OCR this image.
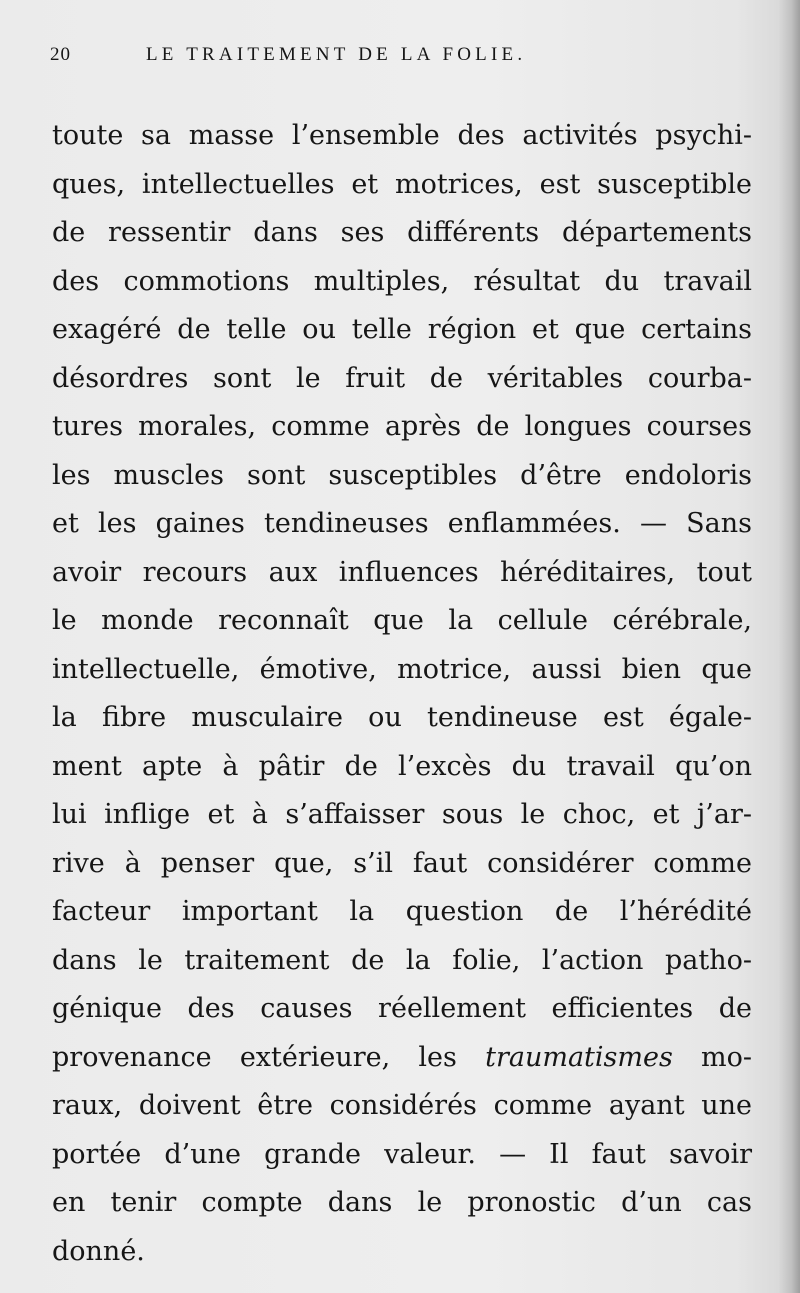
20	LE TRAITEMENT DE LA FOLIE.
toute sa masse l’ensemble des activités psychi-
ques, intellectuelles et motrices, est susceptible
de ressentir dans ses différents départements
des commotions multiples, résultat du travail
exagéré de telle ou telle région et que certains
désordres sont le fruit de véritables courba-
tures morales, comme après de longues courses
les muscles sont susceptibles d’être endoloris
et les gaines tendineuses enflammées. — Sans
avoir recours aux influences héréditaires, tout
le monde reconnaît que la cellule cérébrale,
intellectuelle, émotive, motrice, aussi bien que
la fibre musculaire ou tendineuse est égale-
ment apte à pâtir de l’excès du travail qu’on
lui inflige et à s’affaisser sous le choc, et j’ar-
rive à penser que, s’il faut considérer comme
facteur important la question de l’hérédité
dans le traitement de la folie, l’action patho-
génique des causes réellement efficientes de
provenance extérieure, les traumatismes mo-
raux, doivent être considérés comme ayant une
portée d’une grande valeur. — Il faut savoir
en tenir compte dans le pronostic d’un cas
donné.
